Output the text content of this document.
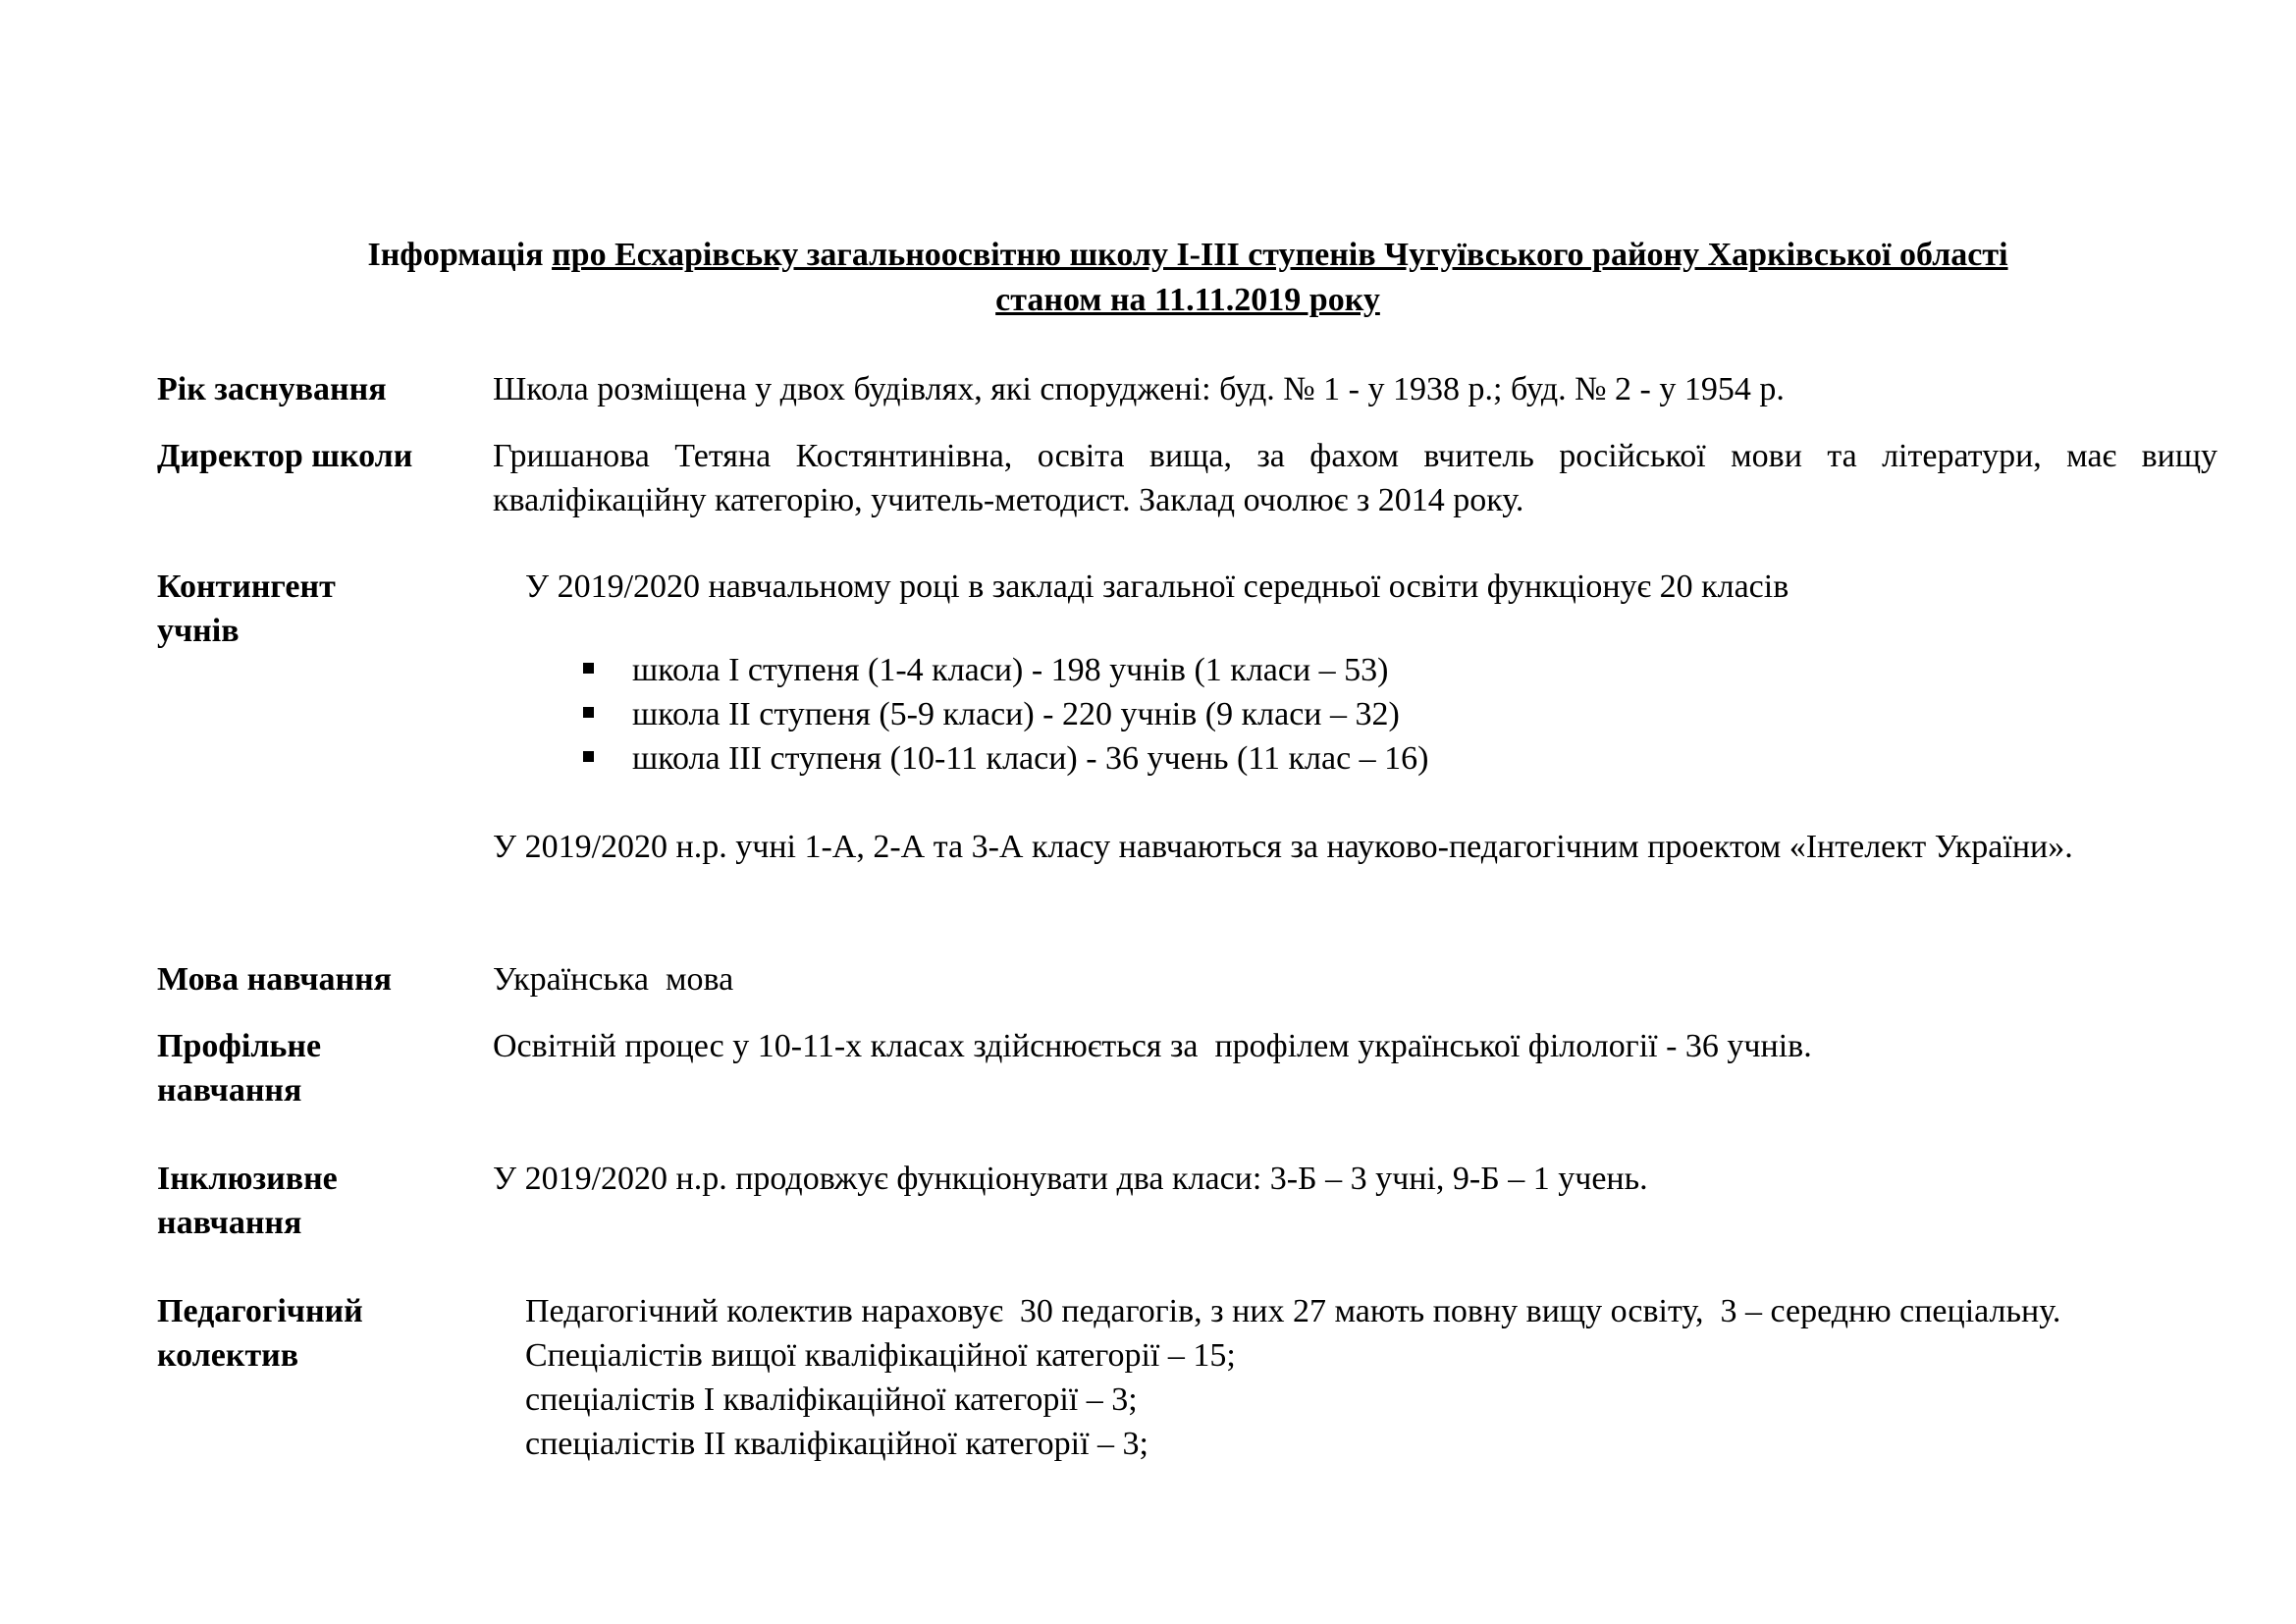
Інформація про Есхарівську загальноосвітню школу І-ІІІ ступенів Чугуївського району Харківської області
станом на 11.11.2019 року
Рік заснування	Школа розміщена у двох будівлях, які споруджені: буд. № 1 - у 1938 р.; буд. № 2 - у 1954 р.
Директор школи Гришанова Тетяна Костянтинівна, освіта вища, за фахом вчитель російської мови та літератури, має вищу кваліфікаційну категорію, учитель-методист. Заклад очолює з 2014 року.
Контингент
учнів
У 2019/2020 навчальному році в закладі загальної середньої освіти функціонує 20 класів
школа І ступеня (1-4 класи) - 198 учнів (1 класи – 53)
школа ІІ ступеня (5-9 класи) - 220 учнів (9 класи – 32)
школа ІІІ ступеня (10-11 класи) - 36 учень (11 клас – 16)
У 2019/2020 н.р. учні 1-А, 2-А та 3-А класу навчаються за науково-педагогічним проектом «Інтелект України».
Мова навчання	Українська  мова
Профільне
навчання
Освітній процес у 10-11-х класах здійснюється за  профілем української філології - 36 учнів.
Інклюзивне
навчання
У 2019/2020 н.р. продовжує функціонувати два класи: 3-Б – 3 учні, 9-Б – 1 учень.
Педагогічний
колектив

Педагогічний колектив нараховує  30 педагогів, з них 27 мають повну вищу освіту,  3 – середню спеціальну.

Спеціалістів вищої кваліфікаційної категорії – 15;

спеціалістів І кваліфікаційної категорії – 3;

спеціалістів ІІ кваліфікаційної категорії – 3;
